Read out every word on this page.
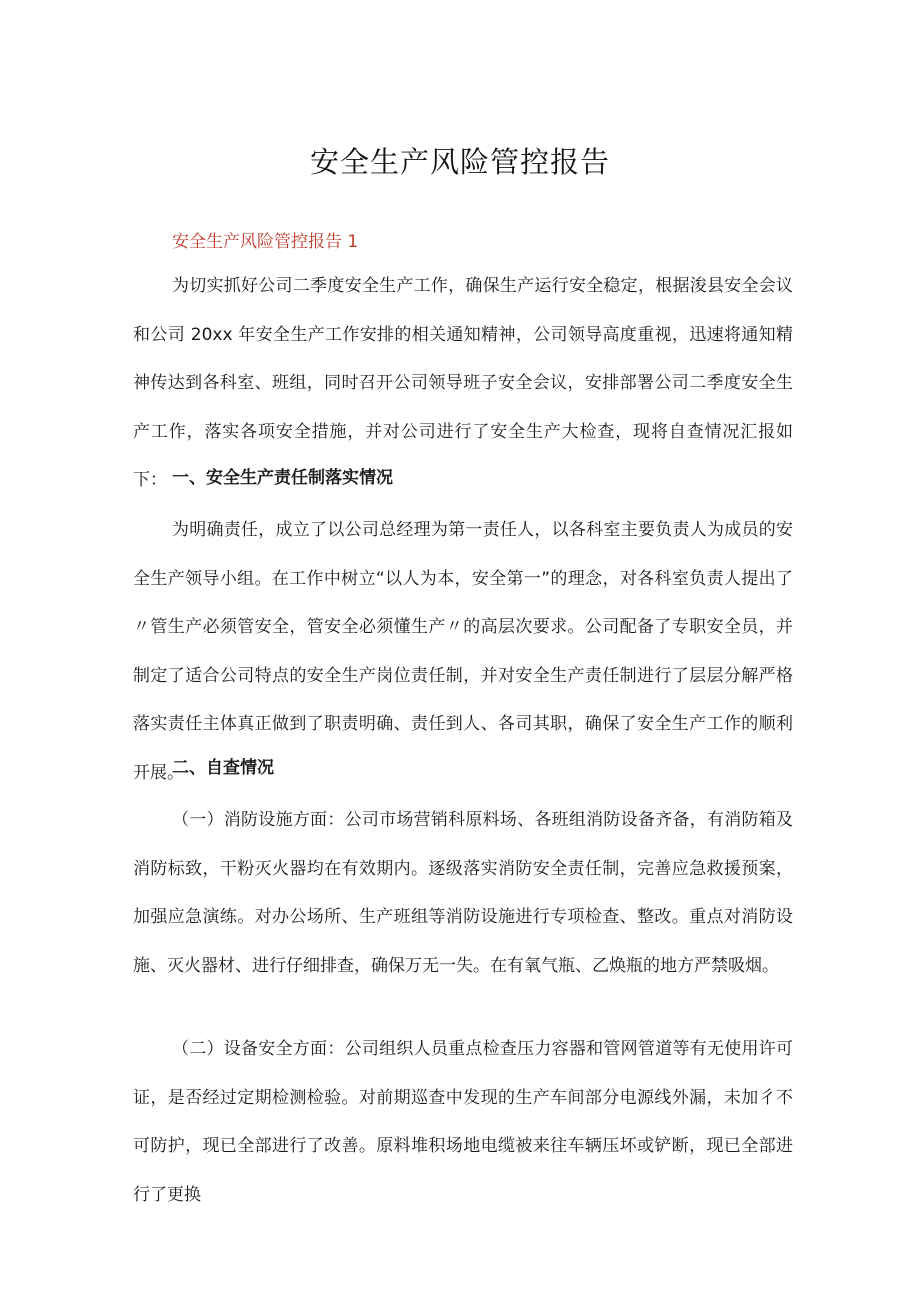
安全生产风险管控报告
安全生产风险管控报告 1

为切实抓好公司二季度安全生产工作，确保生产运行安全稳定，根据浚县安全会议和公司 20xx 年安全生产工作安排的相关通知精神，公司领导高度重视，迅速将通知精神传达到各科室、班组，同时召开公司领导班子安全会议，安排部署公司二季度安全生产工作，落实各项安全措施，并对公司进行了安全生产大检查，现将自查情况汇报如下： 一、安全生产责任制落实情况

为明确责任，成立了以公司总经理为第一责任人，以各科室主要负责人为成员的安全生产领导小组。在工作中树立“以人为本，安全第一”的理念，对各科室负责人提出了〃管生产必须管安全，管安全必须懂生产〃的高层次要求。公司配备了专职安全员，并制定了适合公司特点的安全生产岗位责任制，并对安全生产责任制进行了层层分解严格落实责任主体真正做到了职责明确、责任到人、各司其职，确保了安全生产工作的顺利开展。

二、自查情况

（一）消防设施方面：公司市场营销科原料场、各班组消防设备齐备，有消防箱及消防标致，干粉灭火器均在有效期内。逐级落实消防安全责任制，完善应急救援预案，加强应急演练。对办公场所、生产班组等消防设施进行专项检查、整改。重点对消防设施、灭火器材、进行仔细排查，确保万无一失。在有氧气瓶、乙焕瓶的地方严禁吸烟。

（二）设备安全方面：公司组织人员重点检查压力容器和管网管道等有无使用许可证，是否经过定期检测检验。对前期巡查中发现的生产车间部分电源线外漏，未加彳不可防护，现已全部进行了改善。原料堆积场地电缆被来往车辆压坏或铲断，现已全部进行了更换
